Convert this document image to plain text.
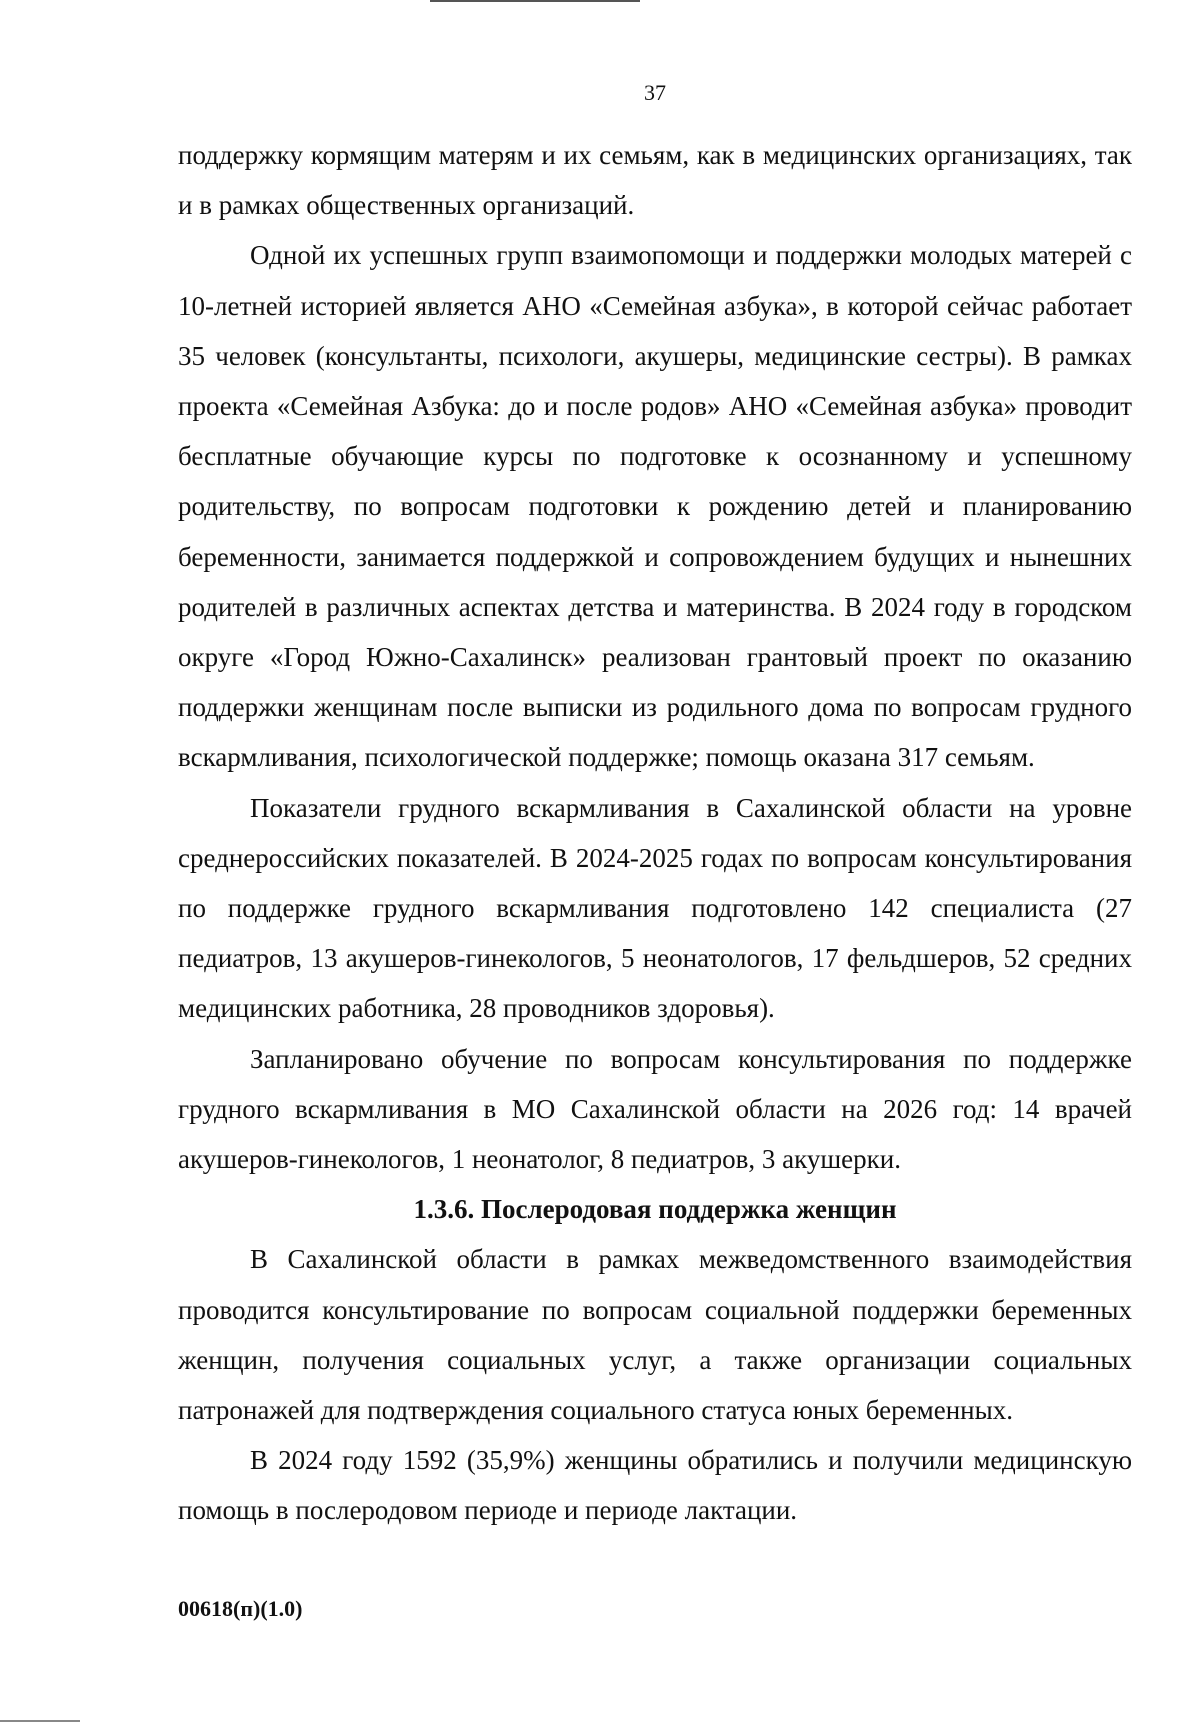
37

поддержку кормящим матерям и их семьям, как в медицинских организациях, так и в рамках общественных организаций.

Одной их успешных групп взаимопомощи и поддержки молодых матерей с 10-летней историей является АНО «Семейная азбука», в которой сейчас работает 35 человек (консультанты, психологи, акушеры, медицинские сестры). В рамках проекта «Семейная Азбука: до и после родов» АНО «Семейная азбука» проводит бесплатные обучающие курсы по подготовке к осознанному и успешному родительству, по вопросам подготовки к рождению детей и планированию беременности, занимается поддержкой и сопровождением будущих и нынешних родителей в различных аспектах детства и материнства. В 2024 году в городском округе «Город Южно-Сахалинск» реализован грантовый проект по оказанию поддержки женщинам после выписки из родильного дома по вопросам грудного вскармливания, психологической поддержке; помощь оказана 317 семьям.

Показатели грудного вскармливания в Сахалинской области на уровне среднероссийских показателей. В 2024-2025 годах по вопросам консультирования по поддержке грудного вскармливания подготовлено 142 специалиста (27 педиатров, 13 акушеров-гинекологов, 5 неонатологов, 17 фельдшеров, 52 средних медицинских работника, 28 проводников здоровья).

Запланировано обучение по вопросам консультирования по поддержке грудного вскармливания в МО Сахалинской области на 2026 год: 14 врачей акушеров-гинекологов, 1 неонатолог, 8 педиатров, 3 акушерки.

1.3.6. Послеродовая поддержка женщин

В Сахалинской области в рамках межведомственного взаимодействия проводится консультирование по вопросам социальной поддержки беременных женщин, получения социальных услуг, а также организации социальных патронажей для подтверждения социального статуса юных беременных.

В 2024 году 1592 (35,9%) женщины обратились и получили медицинскую помощь в послеродовом периоде и периоде лактации.

00618(п)(1.0)
